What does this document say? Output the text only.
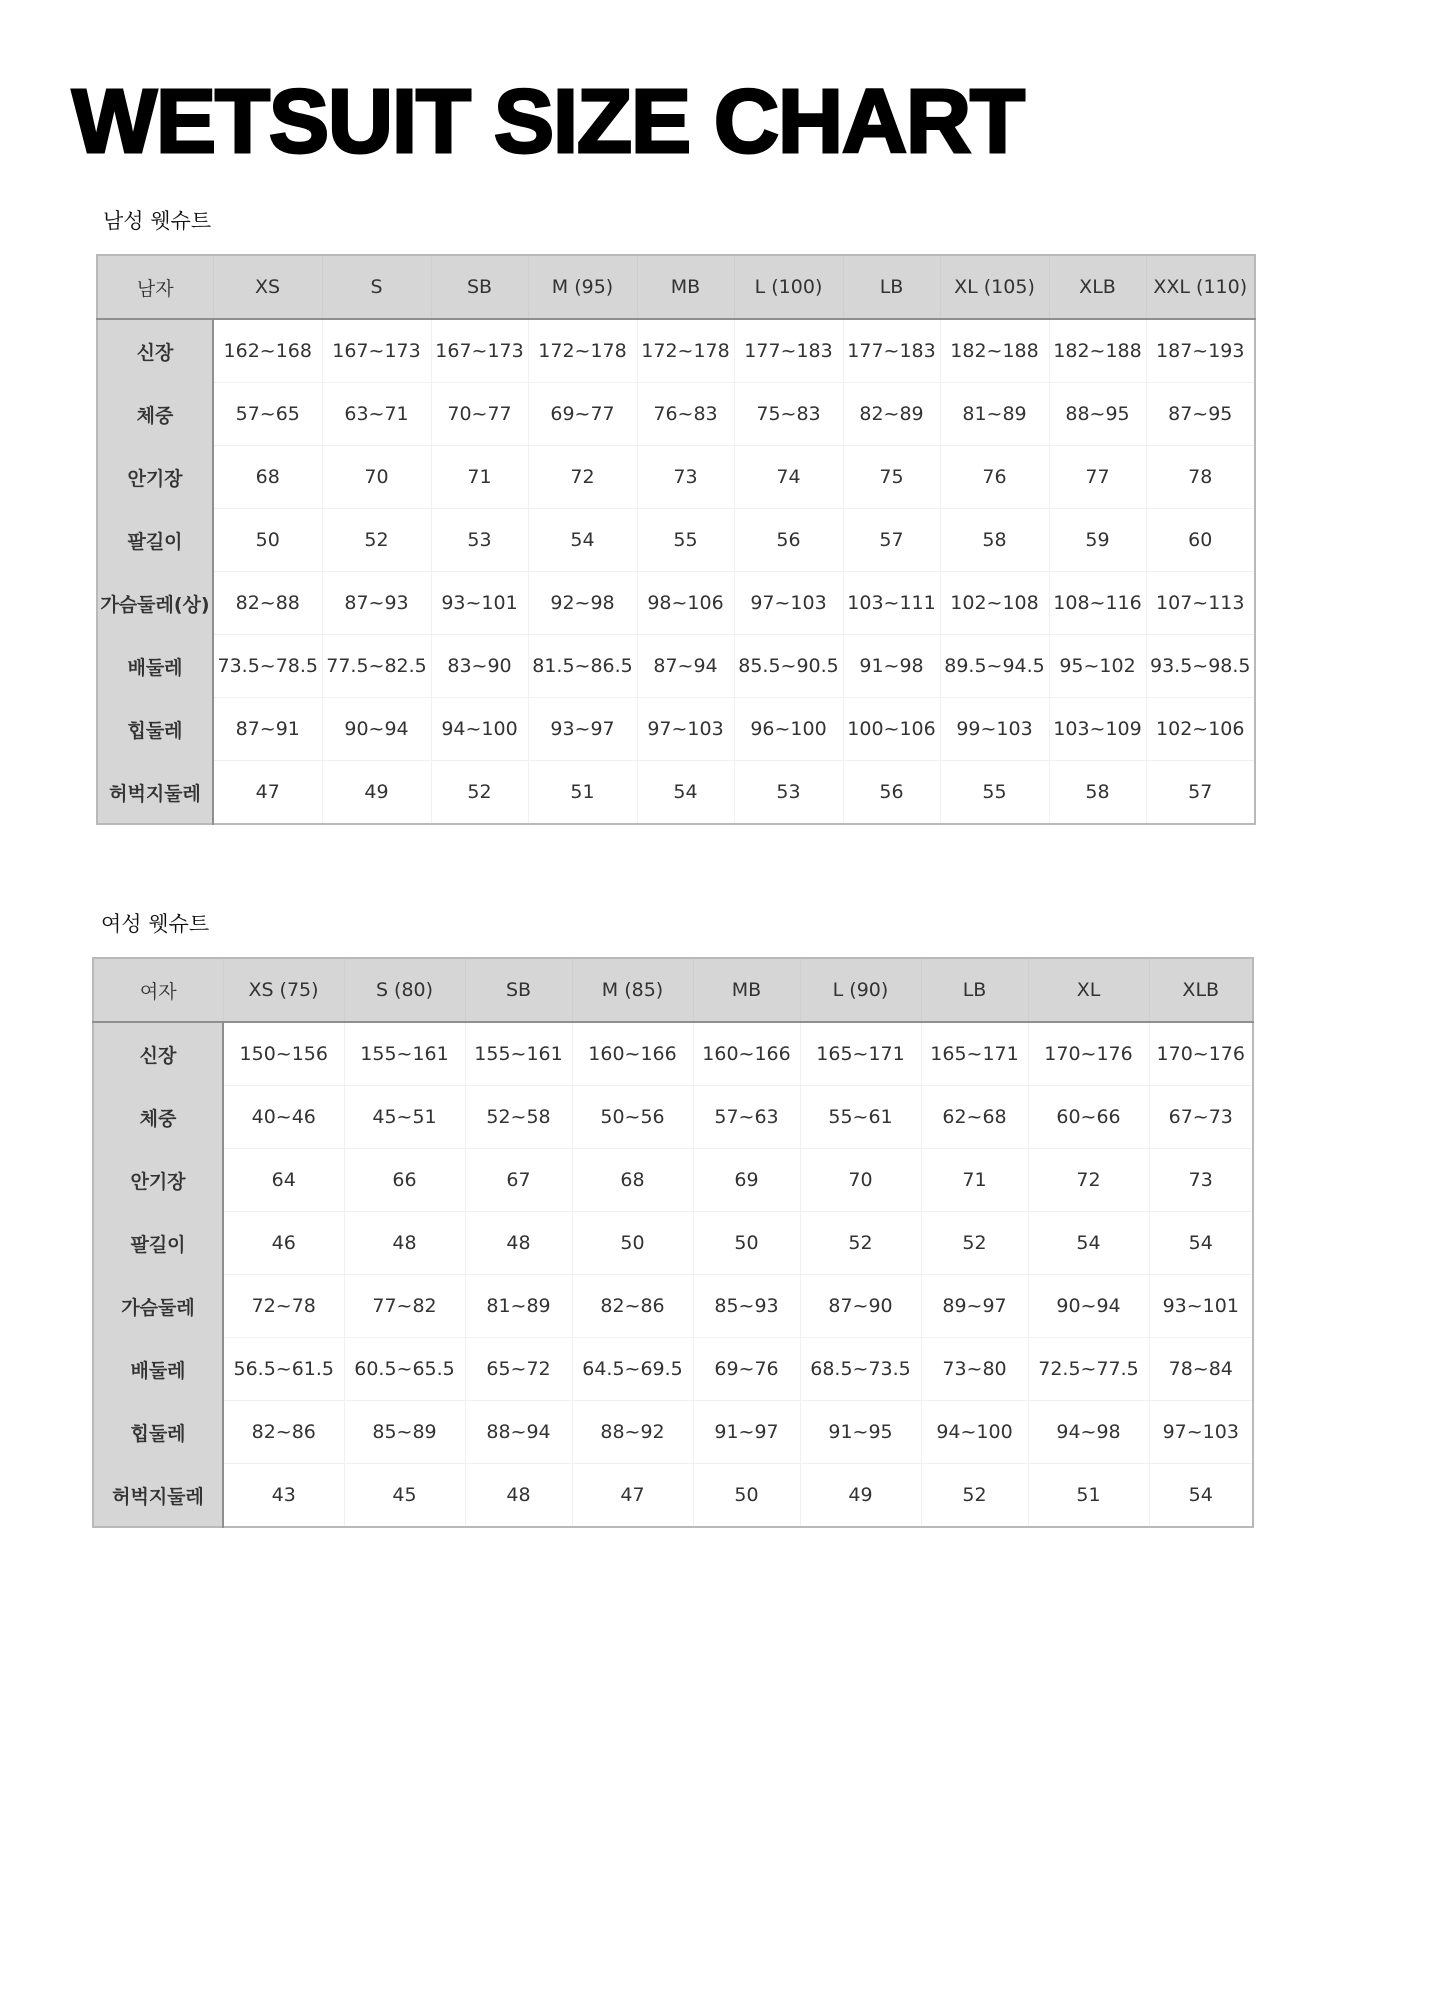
WETSUIT SIZE CHART
남성 웻슈트
남자	XS	S	SB	M (95)	MB	L (100)	LB	XL (105)	XLB	XXL (110)
신장	162~168	167~173	167~173	172~178	172~178	177~183	177~183	182~188	182~188	187~193
체중	57~65	63~71	70~77	69~77	76~83	75~83	82~89	81~89	88~95	87~95
안기장	68	70	71	72	73	74	75	76	77	78
팔길이	50	52	53	54	55	56	57	58	59	60
가슴둘레(상)	82~88	87~93	93~101	92~98	98~106	97~103	103~111	102~108	108~116	107~113
배둘레	73.5~78.5	77.5~82.5	83~90	81.5~86.5	87~94	85.5~90.5	91~98	89.5~94.5	95~102	93.5~98.5
힙둘레	87~91	90~94	94~100	93~97	97~103	96~100	100~106	99~103	103~109	102~106
허벅지둘레	47	49	52	51	54	53	56	55	58	57
여성 웻슈트
여자	XS (75)	S (80)	SB	M (85)	MB	L (90)	LB	XL	XLB
신장	150~156	155~161	155~161	160~166	160~166	165~171	165~171	170~176	170~176
체중	40~46	45~51	52~58	50~56	57~63	55~61	62~68	60~66	67~73
안기장	64	66	67	68	69	70	71	72	73
팔길이	46	48	48	50	50	52	52	54	54
가슴둘레	72~78	77~82	81~89	82~86	85~93	87~90	89~97	90~94	93~101
배둘레	56.5~61.5	60.5~65.5	65~72	64.5~69.5	69~76	68.5~73.5	73~80	72.5~77.5	78~84
힙둘레	82~86	85~89	88~94	88~92	91~97	91~95	94~100	94~98	97~103
허벅지둘레	43	45	48	47	50	49	52	51	54
